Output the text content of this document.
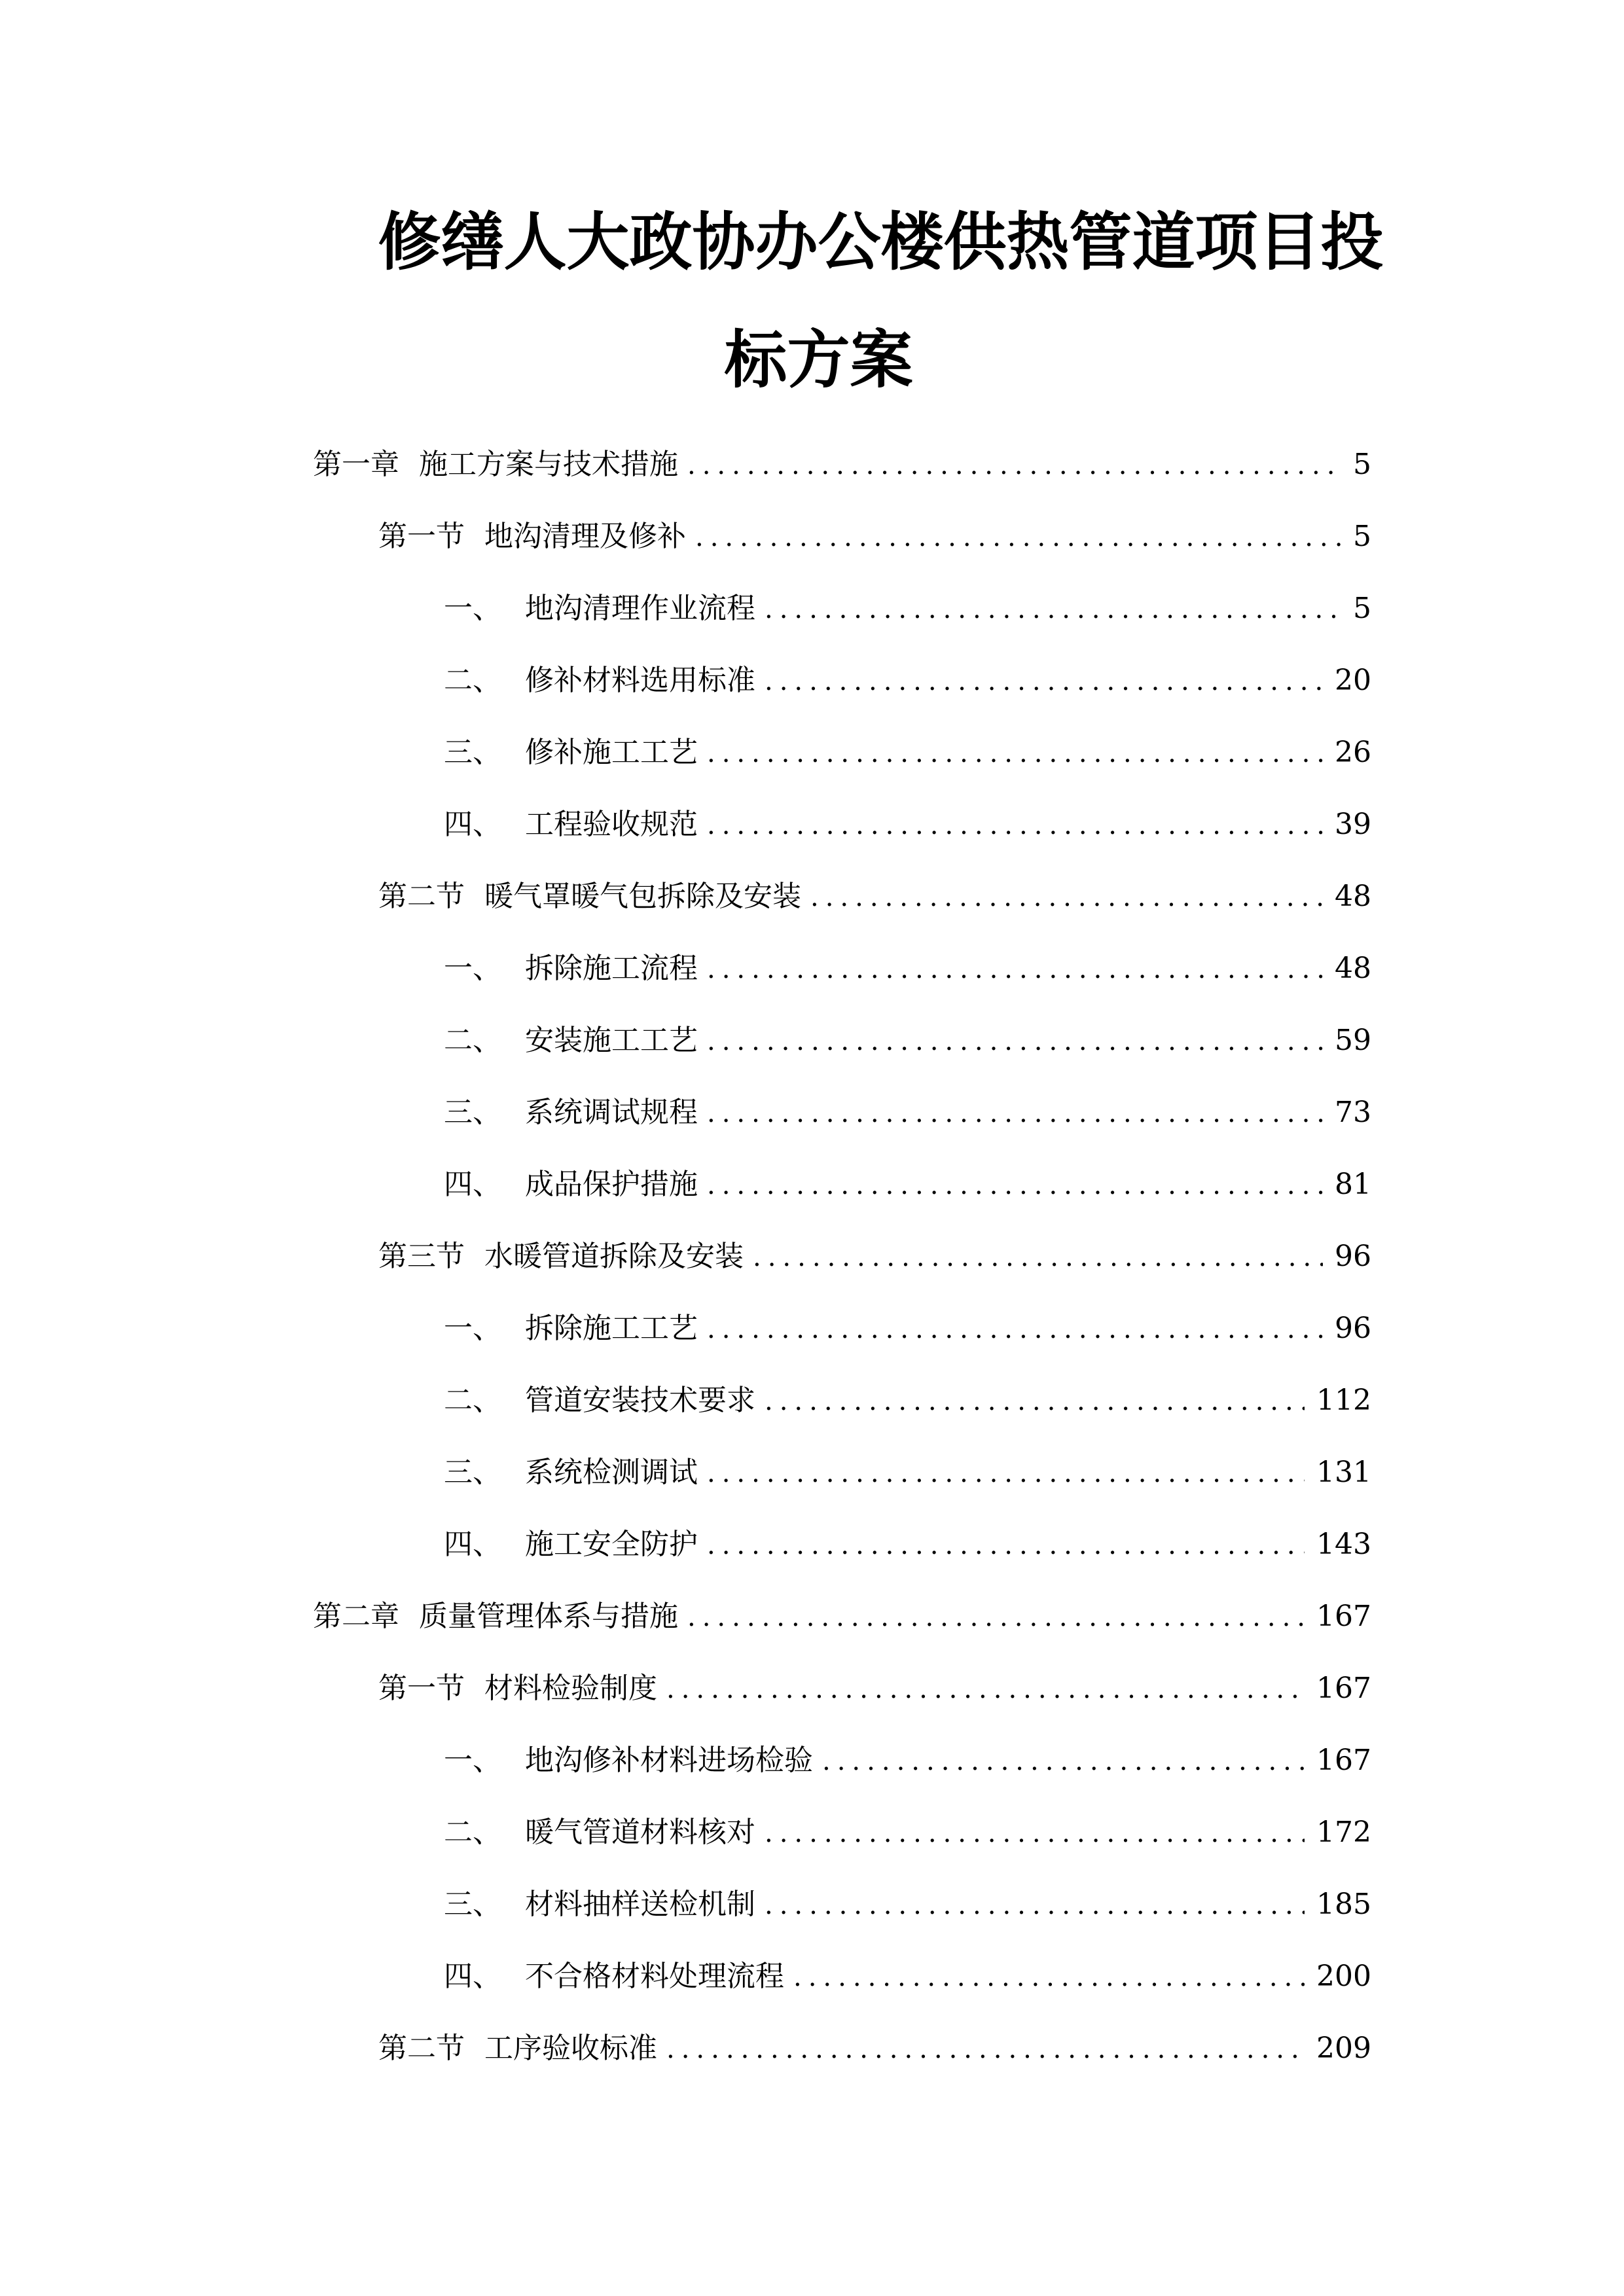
修缮人大政协办公楼供热管道项目投
标方案
第一章 施工方案与技术措施 .....	5
第一节 地沟清理及修补 .....	5
一、 地沟清理作业流程 .....	5
二、 修补材料选用标准 .....	20
三、 修补施工工艺 .....	26
四、 工程验收规范 .....	39
第二节 暖气罩暖气包拆除及安装 .....	48
一、 拆除施工流程 .....	48
二、 安装施工工艺 .....	59
三、 系统调试规程 .....	73
四、 成品保护措施 .....	81
第三节 水暖管道拆除及安装 .....	96
一、 拆除施工工艺 .....	96
二、 管道安装技术要求 .....	112
三、 系统检测调试 .....	131
四、 施工安全防护 .....	143
第二章 质量管理体系与措施 .....	167
第一节 材料检验制度 .....	167
一、 地沟修补材料进场检验 .....	167
二、 暖气管道材料核对 .....	172
三、 材料抽样送检机制 .....	185
四、 不合格材料处理流程 .....	200
第二节 工序验收标准 .....	209
